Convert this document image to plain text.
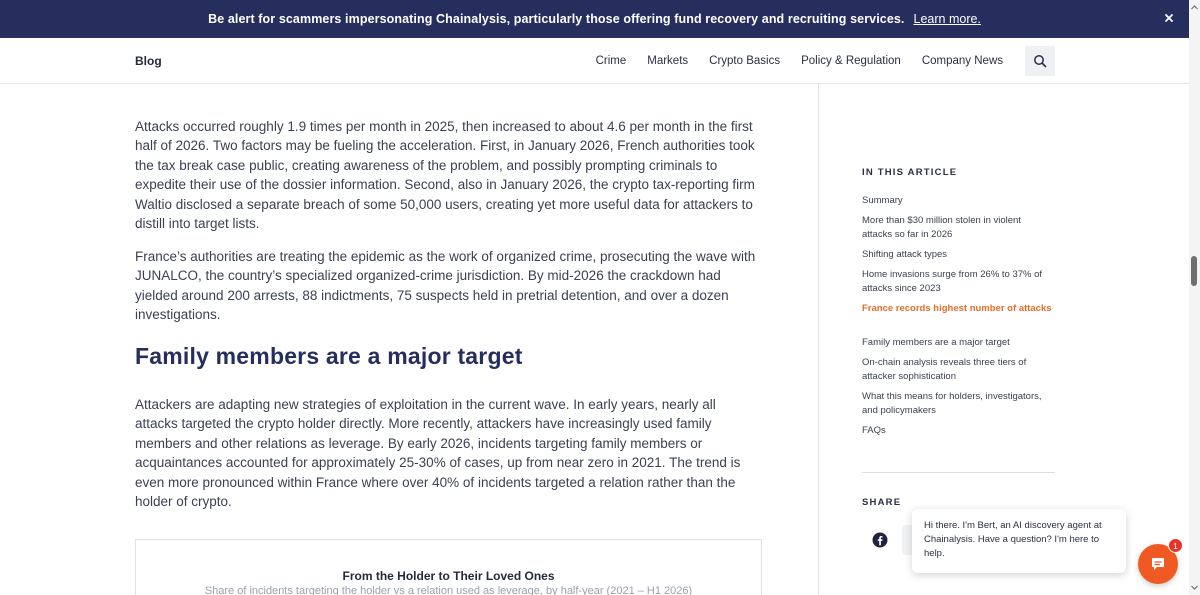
Be alert for scammers impersonating Chainalysis, particularly those offering fund recovery and recruiting services. Learn more.
Blog	Crime Markets Crypto Basics Policy & Regulation Company News

Attacks occurred roughly 1.9 times per month in 2025, then increased to about 4.6 per month in the first half of 2026. Two factors may be fueling the acceleration. First, in January 2026, French authorities took the tax break case public, creating awareness of the problem, and possibly prompting criminals to expedite their use of the dossier information. Second, also in January 2026, the crypto tax-reporting firm Waltio disclosed a separate breach of some 50,000 users, creating yet more useful data for attackers to distill into target lists.

France’s authorities are treating the epidemic as the work of organized crime, prosecuting the wave with JUNALCO, the country’s specialized organized-crime jurisdiction. By mid-2026 the crackdown had yielded around 200 arrests, 88 indictments, 75 suspects held in pretrial detention, and over a dozen investigations.

Family members are a major target

Attackers are adapting new strategies of exploitation in the current wave. In early years, nearly all attacks targeted the crypto holder directly. More recently, attackers have increasingly used family members and other relations as leverage. By early 2026, incidents targeting family members or acquaintances accounted for approximately 25-30% of cases, up from near zero in 2021. The trend is even more pronounced within France where over 40% of incidents targeted a relation rather than the holder of crypto.

From the Holder to Their Loved Ones
Share of incidents targeting the holder vs a relation used as leverage, by half-year (2021 – H1 2026)
IN THIS ARTICLE
Summary
More than $30 million stolen in violent attacks so far in 2026
Shifting attack types
Home invasions surge from 26% to 37% of attacks since 2023
France records highest number of attacks
Family members are a major target
On-chain analysis reveals three tiers of attacker sophistication
What this means for holders, investigators, and policymakers
FAQs
SHARE
Hi there. I'm Bert, an AI discovery agent at Chainalysis. Have a question? I'm here to help.
1
